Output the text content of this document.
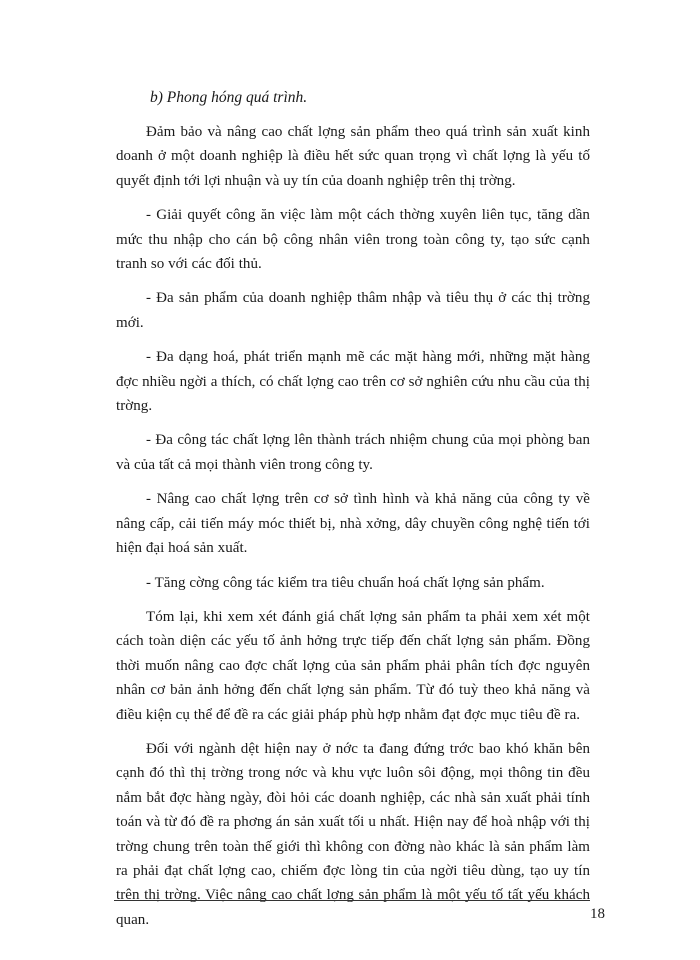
b) Phong hóng quá trình.

Đảm bảo và nâng cao chất lợng sản phẩm theo quá trình sản xuất kinh doanh ở một doanh nghiệp là điều hết sức quan trọng vì chất lợng là yếu tố quyết định tới lợi nhuận và uy tín của doanh nghiệp trên thị trờng.

- Giải quyết công ăn việc làm một cách thờng xuyên liên tục, tăng dần mức thu nhập cho cán bộ công nhân viên trong toàn công ty, tạo sức cạnh tranh so với các đối thủ.

- Đa sản phẩm của doanh nghiệp thâm nhập và tiêu thụ ở các thị trờng mới.

- Đa dạng hoá, phát triển mạnh mẽ các mặt hàng mới, những mặt hàng đợc nhiều ngời a thích, có chất lợng cao trên cơ sở nghiên cứu nhu cầu của thị trờng.

- Đa công tác chất lợng lên thành trách nhiệm chung của mọi phòng ban và của tất cả mọi thành viên trong công ty.

- Nâng cao chất lợng trên cơ sở tình hình và khả năng của công ty về nâng cấp, cải tiến máy móc thiết bị, nhà xởng, dây chuyền công nghệ tiến tới hiện đại hoá sản xuất.

- Tăng cờng công tác kiểm tra tiêu chuẩn hoá chất lợng sản phẩm.

Tóm lại, khi xem xét đánh giá chất lợng sản phẩm ta phải xem xét một cách toàn diện các yếu tố ảnh hởng trực tiếp đến chất lợng sản phẩm. Đồng thời muốn nâng cao đợc chất lợng của sản phẩm phải phân tích đợc nguyên nhân cơ bản ảnh hởng đến chất lợng sản phẩm. Từ đó tuỳ theo khả năng và điều kiện cụ thể để đề ra các giải pháp phù hợp nhằm đạt đợc mục tiêu đề ra.

Đối với ngành dệt hiện nay ở nớc ta đang đứng trớc bao khó khăn bên cạnh đó thì thị trờng trong nớc và khu vực luôn sôi động, mọi thông tin đều nắm bắt đợc hàng ngày, đòi hỏi các doanh nghiệp, các nhà sản xuất phải tính toán và từ đó đề ra phơng án sản xuất tối u nhất. Hiện nay để hoà nhập với thị trờng chung trên toàn thế giới thì không con đờng nào khác là sản phẩm làm ra phải đạt chất lợng cao, chiếm đợc lòng tin của ngời tiêu dùng, tạo uy tín trên thị trờng. Việc nâng cao chất lợng sản phẩm là một yếu tố tất yếu khách quan.	18
